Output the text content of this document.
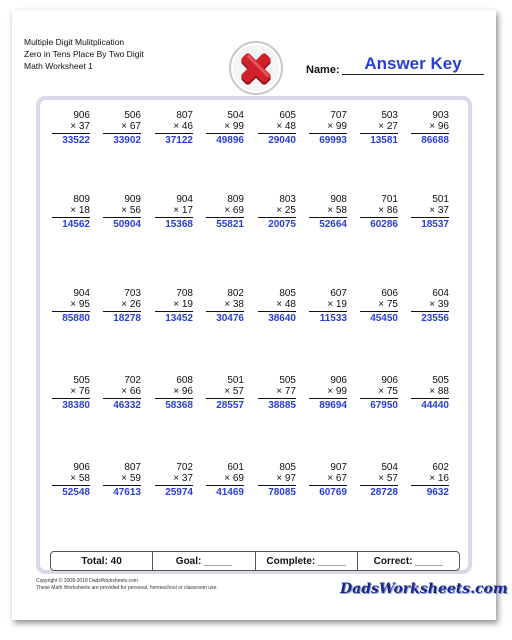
Multiple Digit Mulitplication
Zero in Tens Place By Two Digit
Math Worksheet 1	Name:	Answer Key
906
× 37
33522
506
× 67
33902
807
× 46
37122
504
× 99
49896
605
× 48
29040
707
× 99
69993
503
× 27
13581
903
× 96
86688
809
× 18
14562
909
× 56
50904
904
× 17
15368
809
× 69
55821
803
× 25
20075
908
× 58
52664
701
× 86
60286
501
× 37
18537
904
× 95
85880
703
× 26
18278
708
× 19
13452
802
× 38
30476
805
× 48
38640
607
× 19
11533
606
× 75
45450
604
× 39
23556
505
× 76
38380
702
× 66
46332
608
× 96
58368
501
× 57
28557
505
× 77
38885
906
× 99
89694
906
× 75
67950
505
× 88
44440
906
× 58
52548
807
× 59
47613
702
× 37
25974
601
× 69
41469
805
× 97
78085
907
× 67
60769
504
× 57
28728
602
× 16
9632
Total: 40	Goal: _____	Complete: _____	Correct: _____
Copyright © 2008-2018 DadsWorksheets.com
These Math Worksheets are provided for personal, homeschool or classroom use.	DadsWorksheets.com
